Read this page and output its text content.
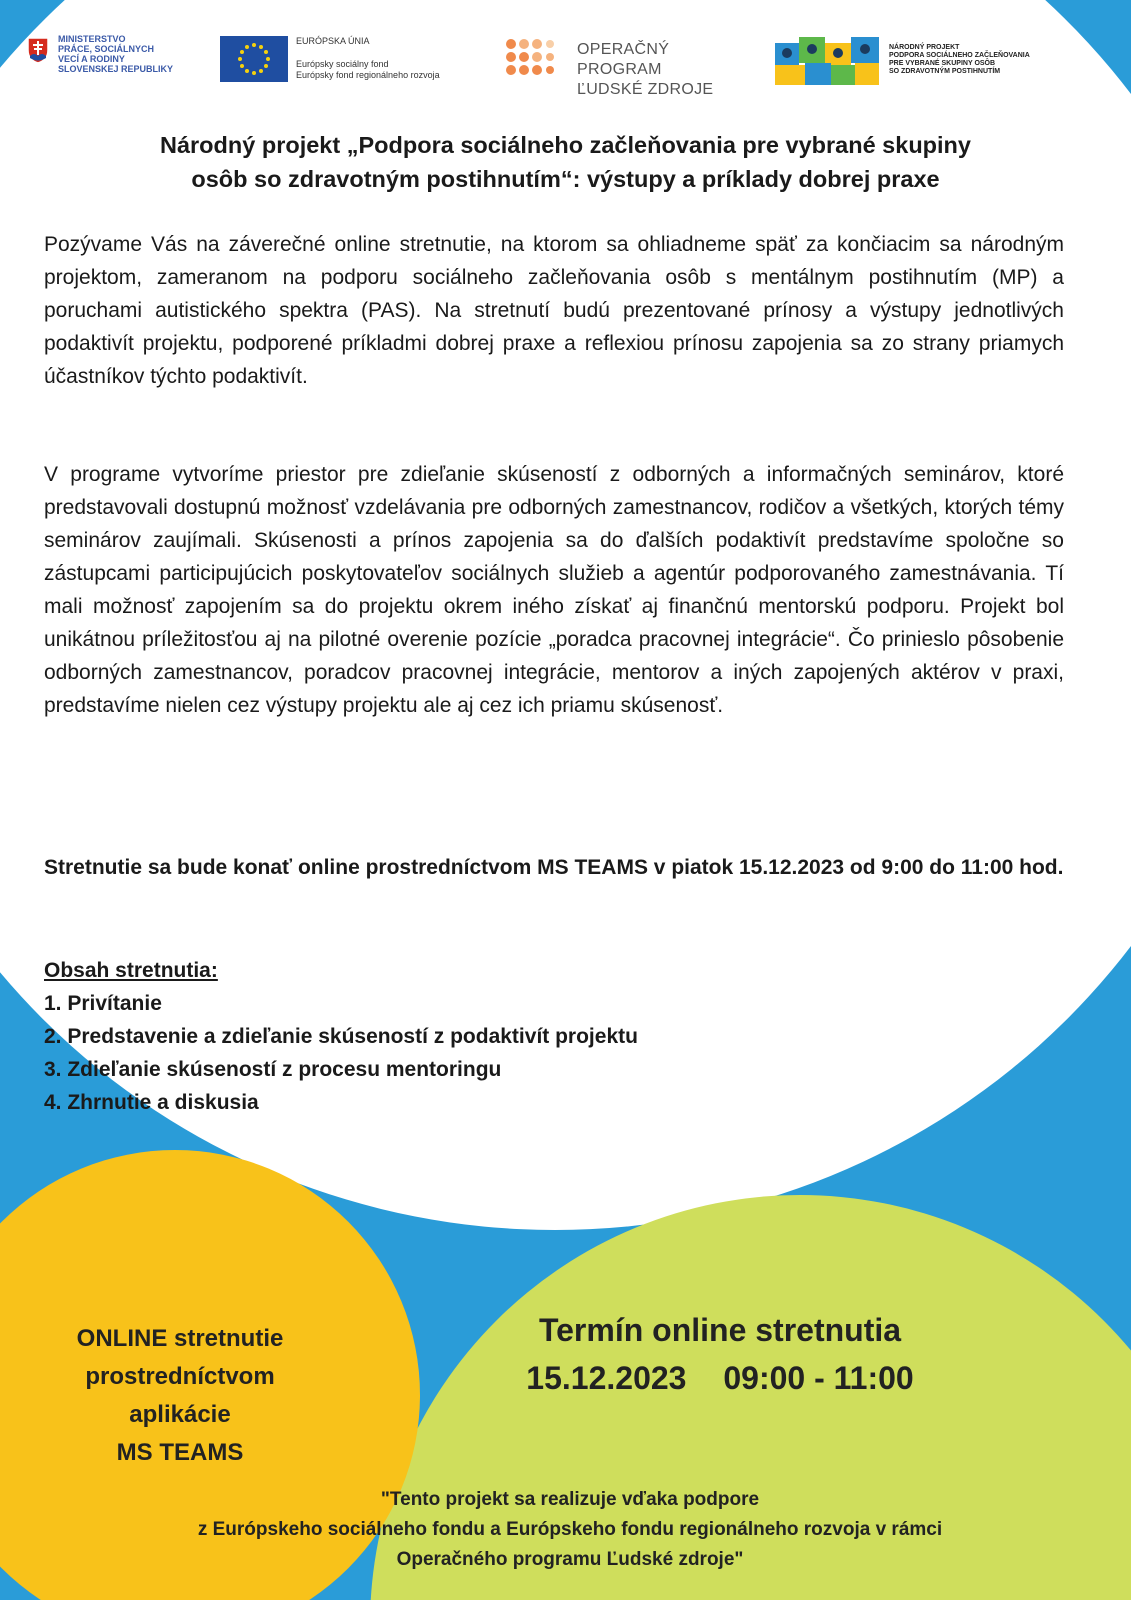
MINISTERSTVO
PRÁCE, SOCIÁLNYCH
VECÍ A RODINY
SLOVENSKEJ REPUBLIKY
EURÓPSKA ÚNIA
Európsky sociálny fond
Európsky fond regionálneho rozvoja
OPERAČNÝ PROGRAM
ĽUDSKÉ ZDROJE
NÁRODNÝ PROJEKT
PODPORA SOCIÁLNEHO ZAČLEŇOVANIA
PRE VYBRANÉ SKUPINY OSÔB
SO ZDRAVOTNÝM POSTIHNUTÍM
Národný projekt „Podpora sociálneho začleňovania pre vybrané skupiny
osôb so zdravotným postihnutím“: výstupy a príklady dobrej praxe

Pozývame Vás na záverečné online stretnutie, na ktorom sa ohliadneme späť za končiacim sa národným projektom, zameranom na podporu sociálneho začleňovania osôb s mentálnym postihnutím (MP) a poruchami autistického spektra (PAS). Na stretnutí budú prezentované prínosy a výstupy jednotlivých podaktivít projektu, podporené príkladmi dobrej praxe a reflexiou prínosu zapojenia sa zo strany priamych účastníkov týchto podaktivít.

V programe vytvoríme priestor pre zdieľanie skúseností z odborných a informačných seminárov, ktoré predstavovali dostupnú možnosť vzdelávania pre odborných zamestnancov, rodičov a všetkých, ktorých témy seminárov zaujímali. Skúsenosti a prínos zapojenia sa do ďalších podaktivít predstavíme spoločne so zástupcami participujúcich poskytovateľov sociálnych služieb a agentúr podporovaného zamestnávania. Tí mali možnosť zapojením sa do projektu okrem iného získať aj finančnú mentorskú podporu. Projekt bol unikátnou príležitosťou aj na pilotné overenie pozície „poradca pracovnej integrácie“. Čo prinieslo pôsobenie odborných zamestnancov, poradcov pracovnej integrácie, mentorov a iných zapojených aktérov v praxi, predstavíme nielen cez výstupy projektu ale aj cez ich priamu skúsenosť.

Stretnutie sa bude konať online prostredníctvom MS TEAMS v piatok 15.12.2023 od 9:00 do 11:00 hod.

Obsah stretnutia:
1. Privítanie
2. Predstavenie a zdieľanie skúseností z podaktivít projektu
3. Zdieľanie skúseností z procesu mentoringu
4. Zhrnutie a diskusia
ONLINE stretnutie
prostredníctvom
aplikácie
MS TEAMS
Termín online stretnutia
15.12.2023 09:00 - 11:00
"Tento projekt sa realizuje vďaka podpore
z Európskeho sociálneho fondu a Európskeho fondu regionálneho rozvoja v rámci
Operačného programu Ľudské zdroje"
